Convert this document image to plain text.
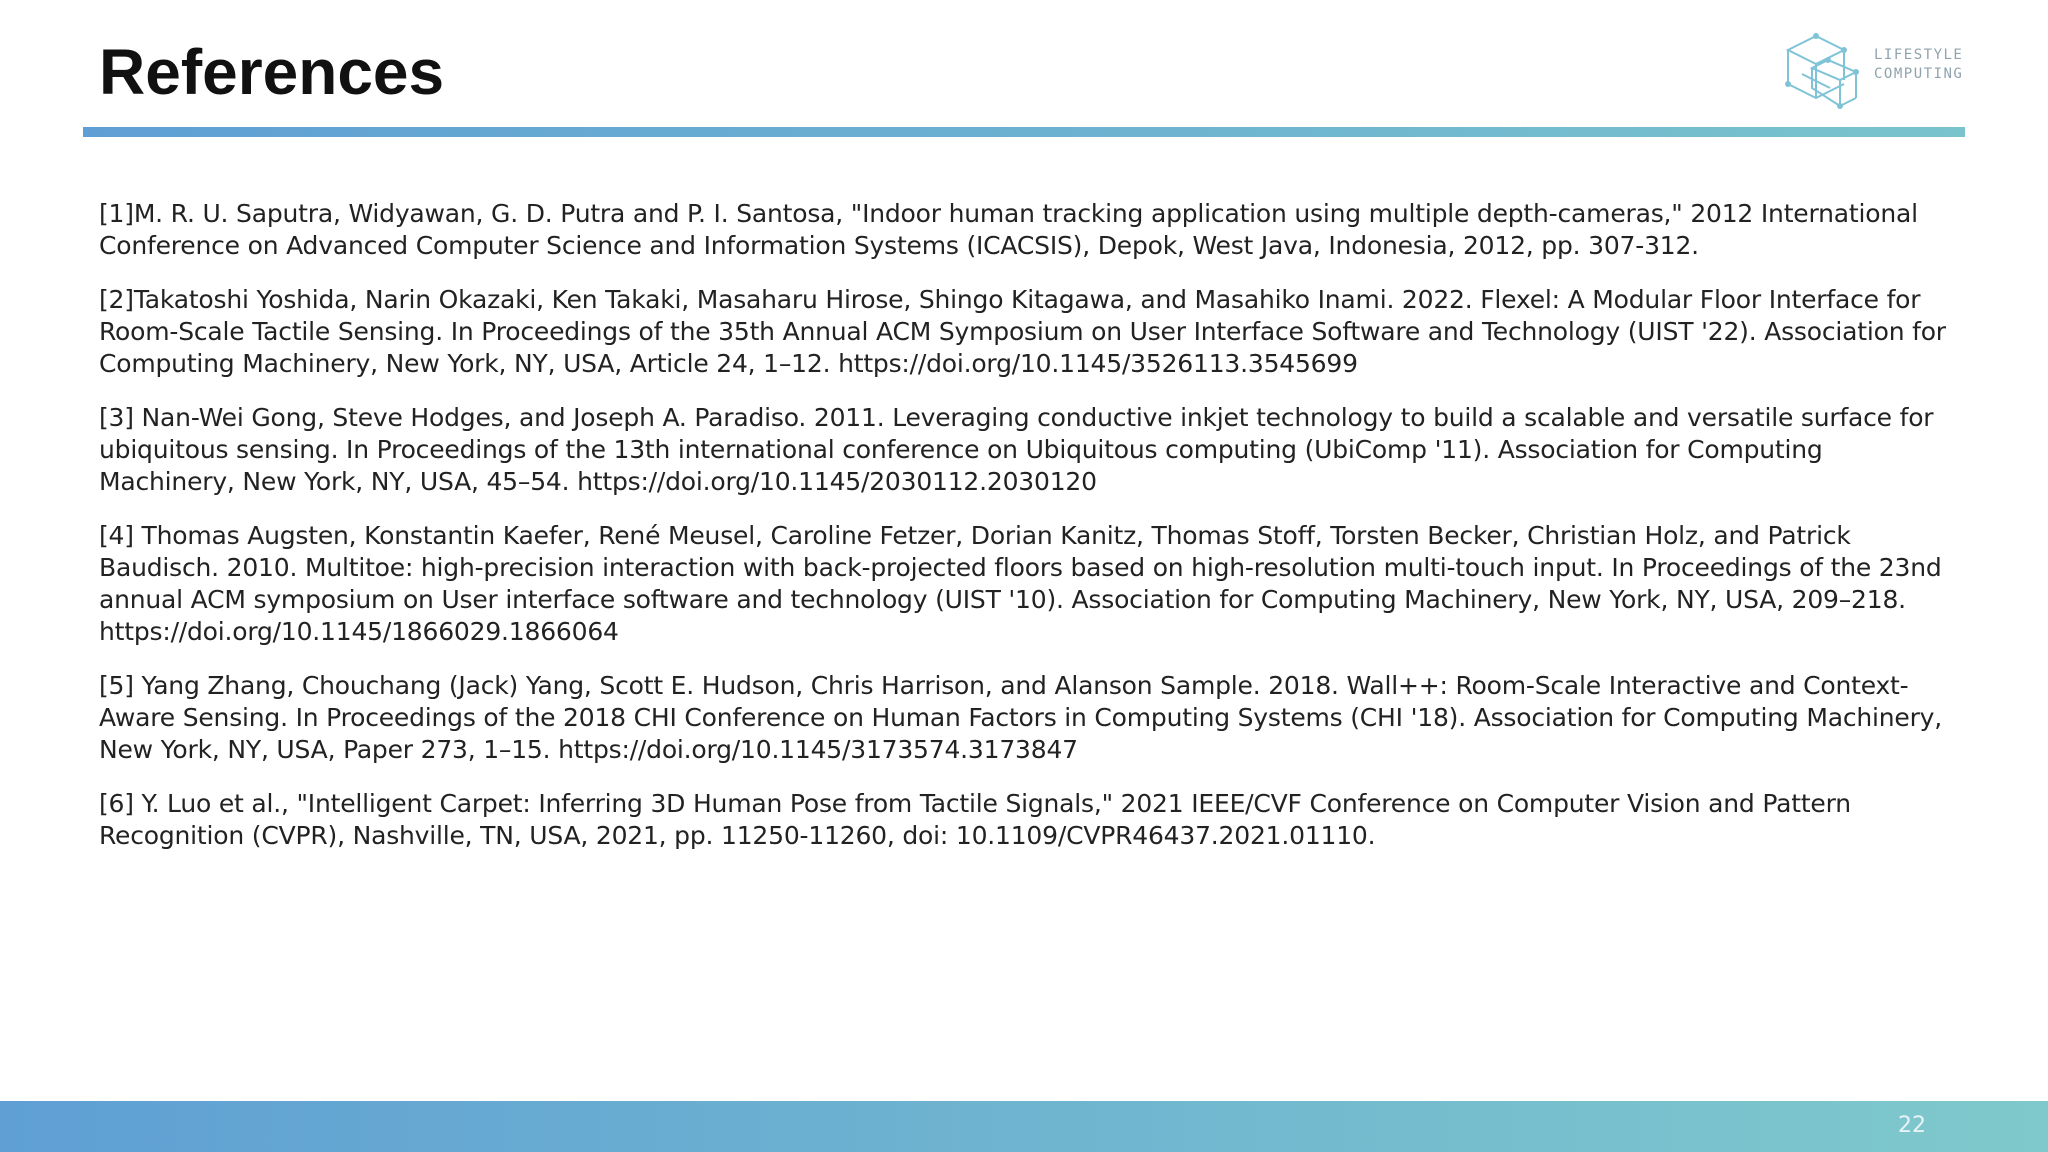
References	LIFESTYLE
COMPUTING

[1]M. R. U. Saputra, Widyawan, G. D. Putra and P. I. Santosa, "Indoor human tracking application using multiple depth-cameras," 2012 International Conference on Advanced Computer Science and Information Systems (ICACSIS), Depok, West Java, Indonesia, 2012, pp. 307-312.

[2]Takatoshi Yoshida, Narin Okazaki, Ken Takaki, Masaharu Hirose, Shingo Kitagawa, and Masahiko Inami. 2022. Flexel: A Modular Floor Interface for Room-Scale Tactile Sensing. In Proceedings of the 35th Annual ACM Symposium on User Interface Software and Technology (UIST '22). Association for Computing Machinery, New York, NY, USA, Article 24, 1–12. https://doi.org/10.1145/3526113.3545699

[3] Nan-Wei Gong, Steve Hodges, and Joseph A. Paradiso. 2011. Leveraging conductive inkjet technology to build a scalable and versatile surface for ubiquitous sensing. In Proceedings of the 13th international conference on Ubiquitous computing (UbiComp '11). Association for Computing Machinery, New York, NY, USA, 45–54. https://doi.org/10.1145/2030112.2030120

[4] Thomas Augsten, Konstantin Kaefer, René Meusel, Caroline Fetzer, Dorian Kanitz, Thomas Stoff, Torsten Becker, Christian Holz, and Patrick Baudisch. 2010. Multitoe: high-precision interaction with back-projected floors based on high-resolution multi-touch input. In Proceedings of the 23nd annual ACM symposium on User interface software and technology (UIST '10). Association for Computing Machinery, New York, NY, USA, 209–218. https://doi.org/10.1145/1866029.1866064

[5] Yang Zhang, Chouchang (Jack) Yang, Scott E. Hudson, Chris Harrison, and Alanson Sample. 2018. Wall++: Room-Scale Interactive and Context-Aware Sensing. In Proceedings of the 2018 CHI Conference on Human Factors in Computing Systems (CHI '18). Association for Computing Machinery, New York, NY, USA, Paper 273, 1–15. https://doi.org/10.1145/3173574.3173847

[6] Y. Luo et al., "Intelligent Carpet: Inferring 3D Human Pose from Tactile Signals," 2021 IEEE/CVF Conference on Computer Vision and Pattern Recognition (CVPR), Nashville, TN, USA, 2021, pp. 11250-11260, doi: 10.1109/CVPR46437.2021.01110.

22
